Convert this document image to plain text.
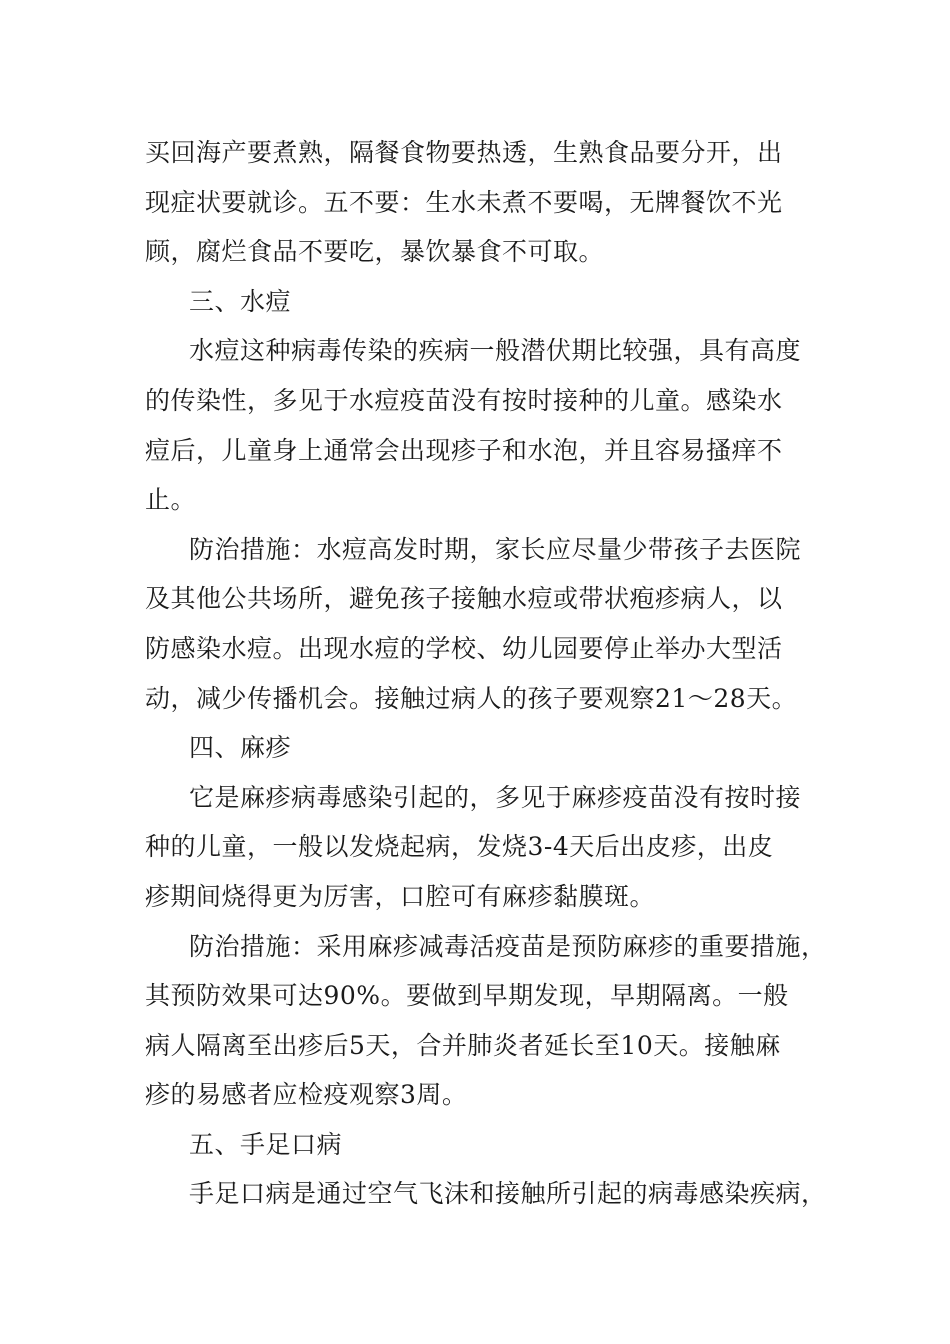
买回海产要煮熟，隔餐食物要热透，生熟食品要分开，出
现症状要就诊。五不要：生水未煮不要喝，无牌餐饮不光
顾，腐烂食品不要吃，暴饮暴食不可取。
三、水痘
水痘这种病毒传染的疾病一般潜伏期比较强，具有高度
的传染性，多见于水痘疫苗没有按时接种的儿童。感染水
痘后，儿童身上通常会出现疹子和水泡，并且容易搔痒不
止。
防治措施：水痘高发时期，家长应尽量少带孩子去医院
及其他公共场所，避免孩子接触水痘或带状疱疹病人，以
防感染水痘。出现水痘的学校、幼儿园要停止举办大型活
动，减少传播机会。接触过病人的孩子要观察21～28天。
四、麻疹
它是麻疹病毒感染引起的，多见于麻疹疫苗没有按时接
种的儿童，一般以发烧起病，发烧3-4天后出皮疹，出皮
疹期间烧得更为厉害，口腔可有麻疹黏膜斑。
防治措施：采用麻疹减毒活疫苗是预防麻疹的重要措施，
其预防效果可达90%。要做到早期发现，早期隔离。一般
病人隔离至出疹后5天，合并肺炎者延长至10天。接触麻
疹的易感者应检疫观察3周。
五、手足口病
手足口病是通过空气飞沫和接触所引起的病毒感染疾病，
